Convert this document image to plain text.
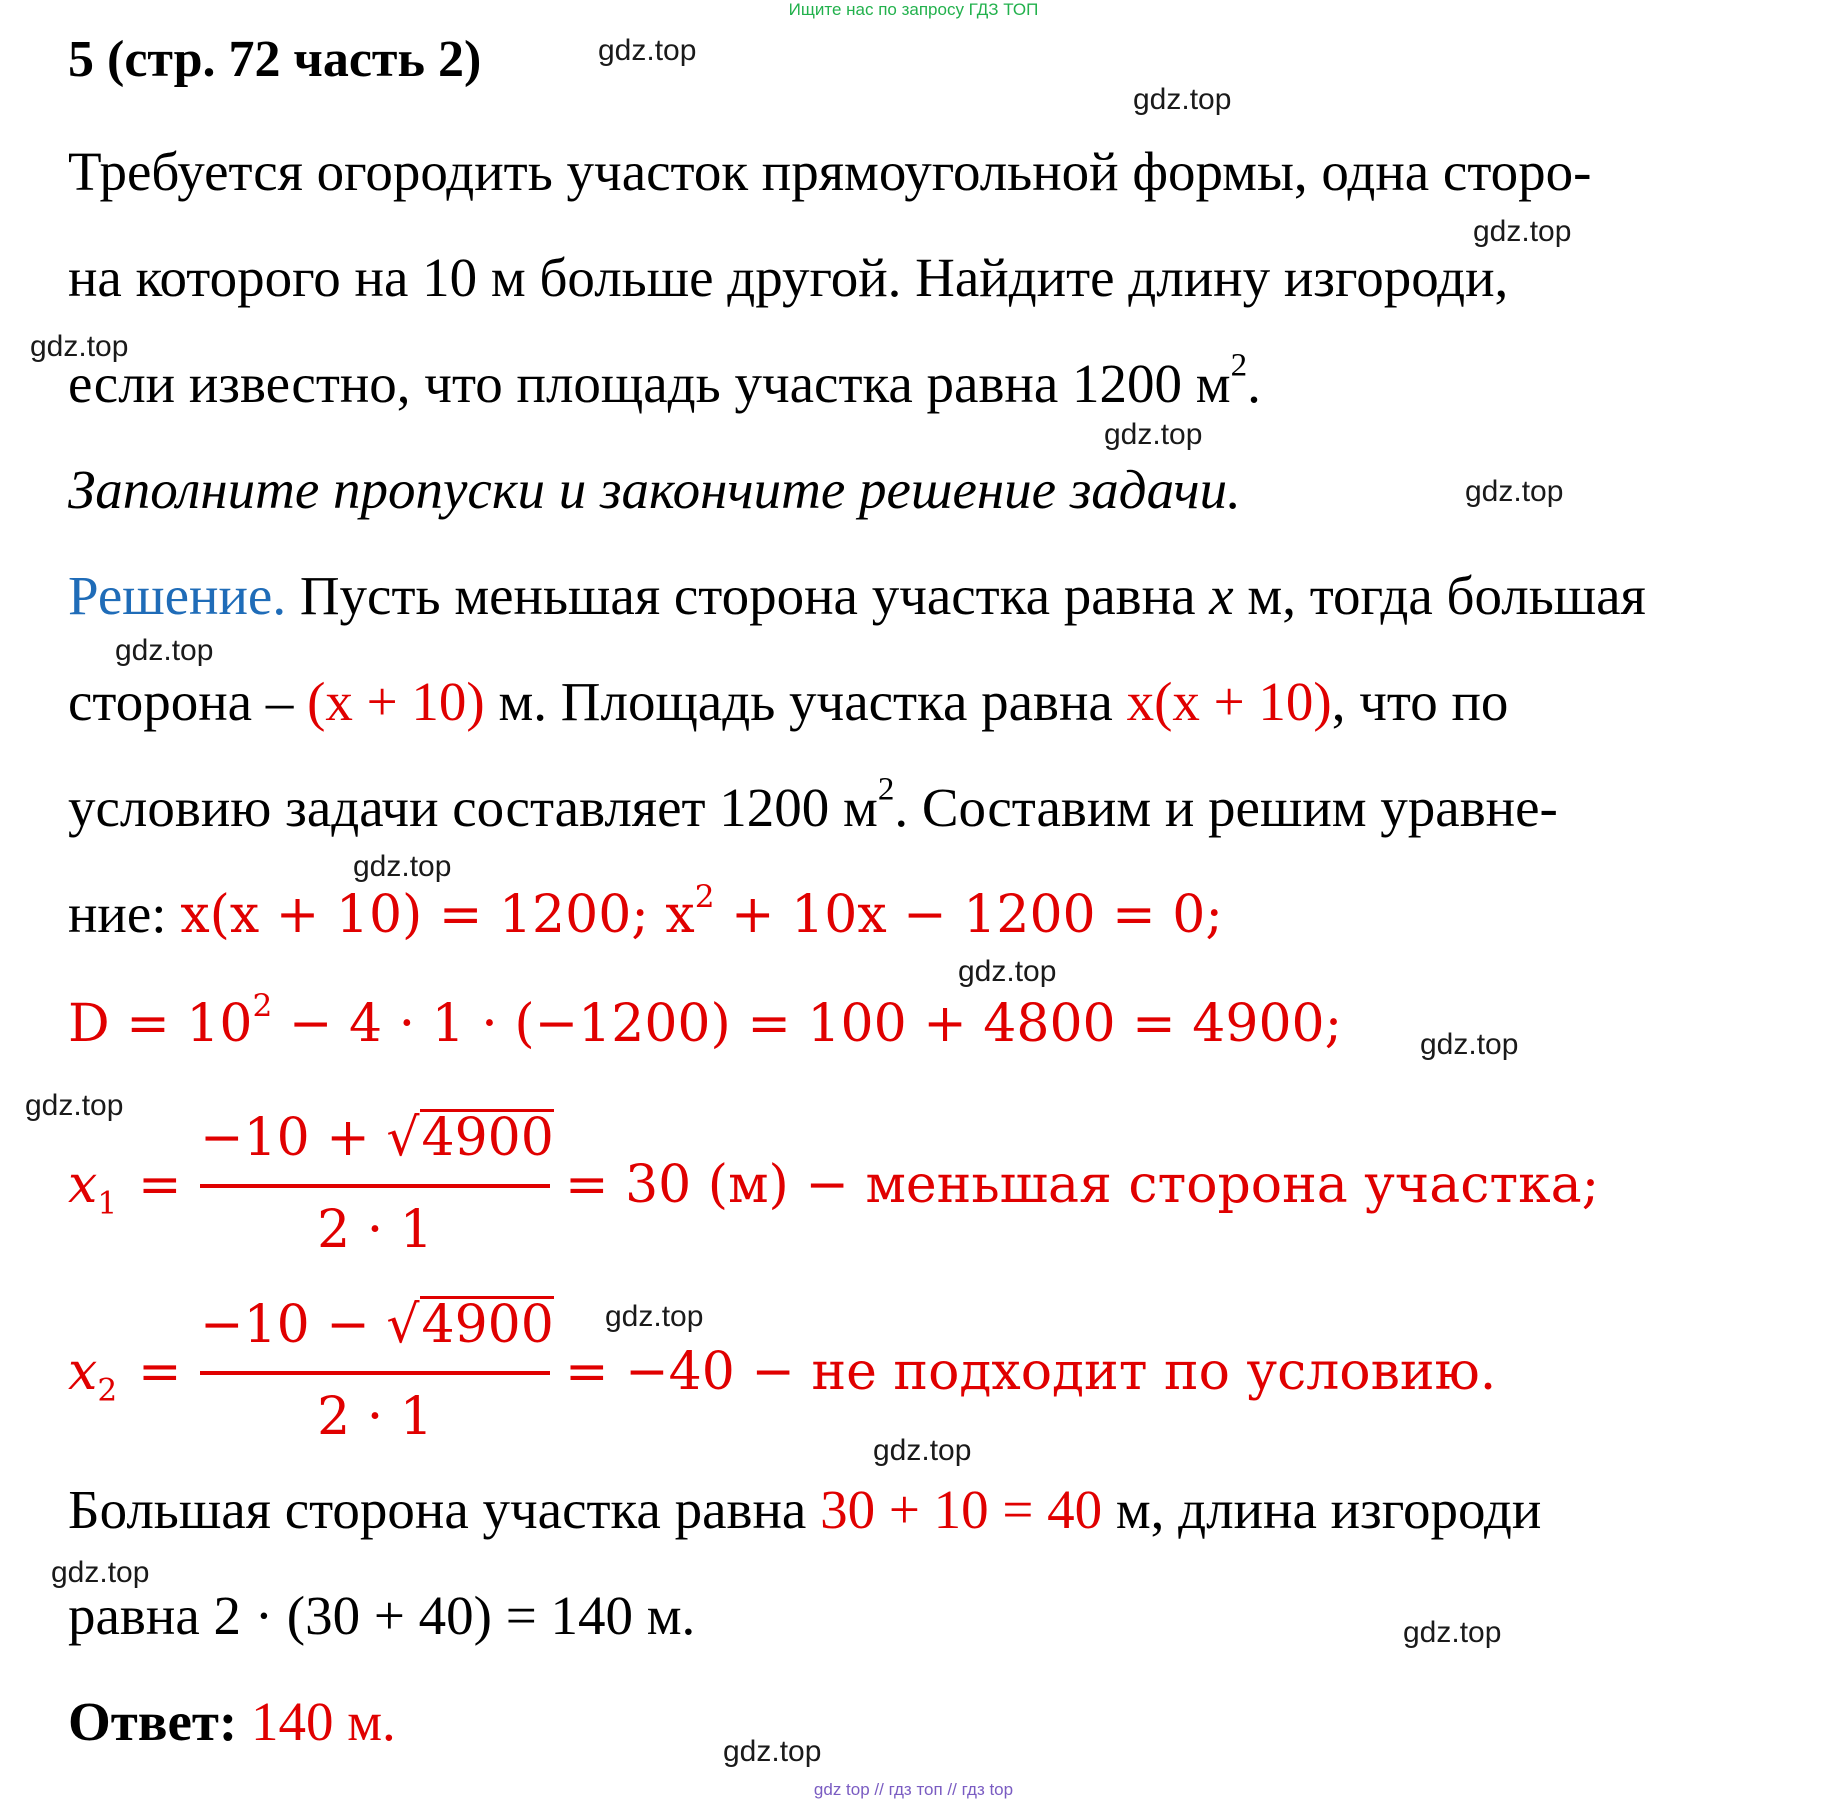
Ищите нас по запросу ГДЗ ТОП
5 (стр. 72 часть 2)
Требуется огородить участок прямоугольной формы, одна сторо-
на которого на 10 м больше другой. Найдите длину изгороди,
если известно, что площадь участка равна 1200 $м^2$.
Заполните пропуски и закончите решение задачи.
Решение. Пусть меньшая сторона участка равна x м, тогда большая
сторона – (x + 10) м. Площадь участка равна x(x + 10), что по
условию задачи составляет 1200 $м^2$. Составим и решим уравне-
ние: x(x + 10) = 1200; $x^2 + 10x - 1200 = 0$;
$D = 10^2 - 4 \cdot 1 \cdot (-1200) = 100 + 4800 = 4900$;
$x_1$ =
−10 + √4900
2 · 1
= 30 (м) − меньшая сторона участка;
$x_2$ =
−10 − √4900
2 · 1
= −40 − не подходит по условию.
Большая сторона участка равна 30 + 10 = 40 м, длина изгороди
равна 2 · (30 + 40) = 140 м.
Ответ: 140 м.
gdz.top
gdz.top
gdz.top
gdz.top
gdz.top
gdz.top
gdz.top
gdz.top
gdz.top
gdz.top
gdz.top
gdz.top
gdz.top
gdz.top
gdz.top
gdz.top
gdz top // гдз топ // гдз top
